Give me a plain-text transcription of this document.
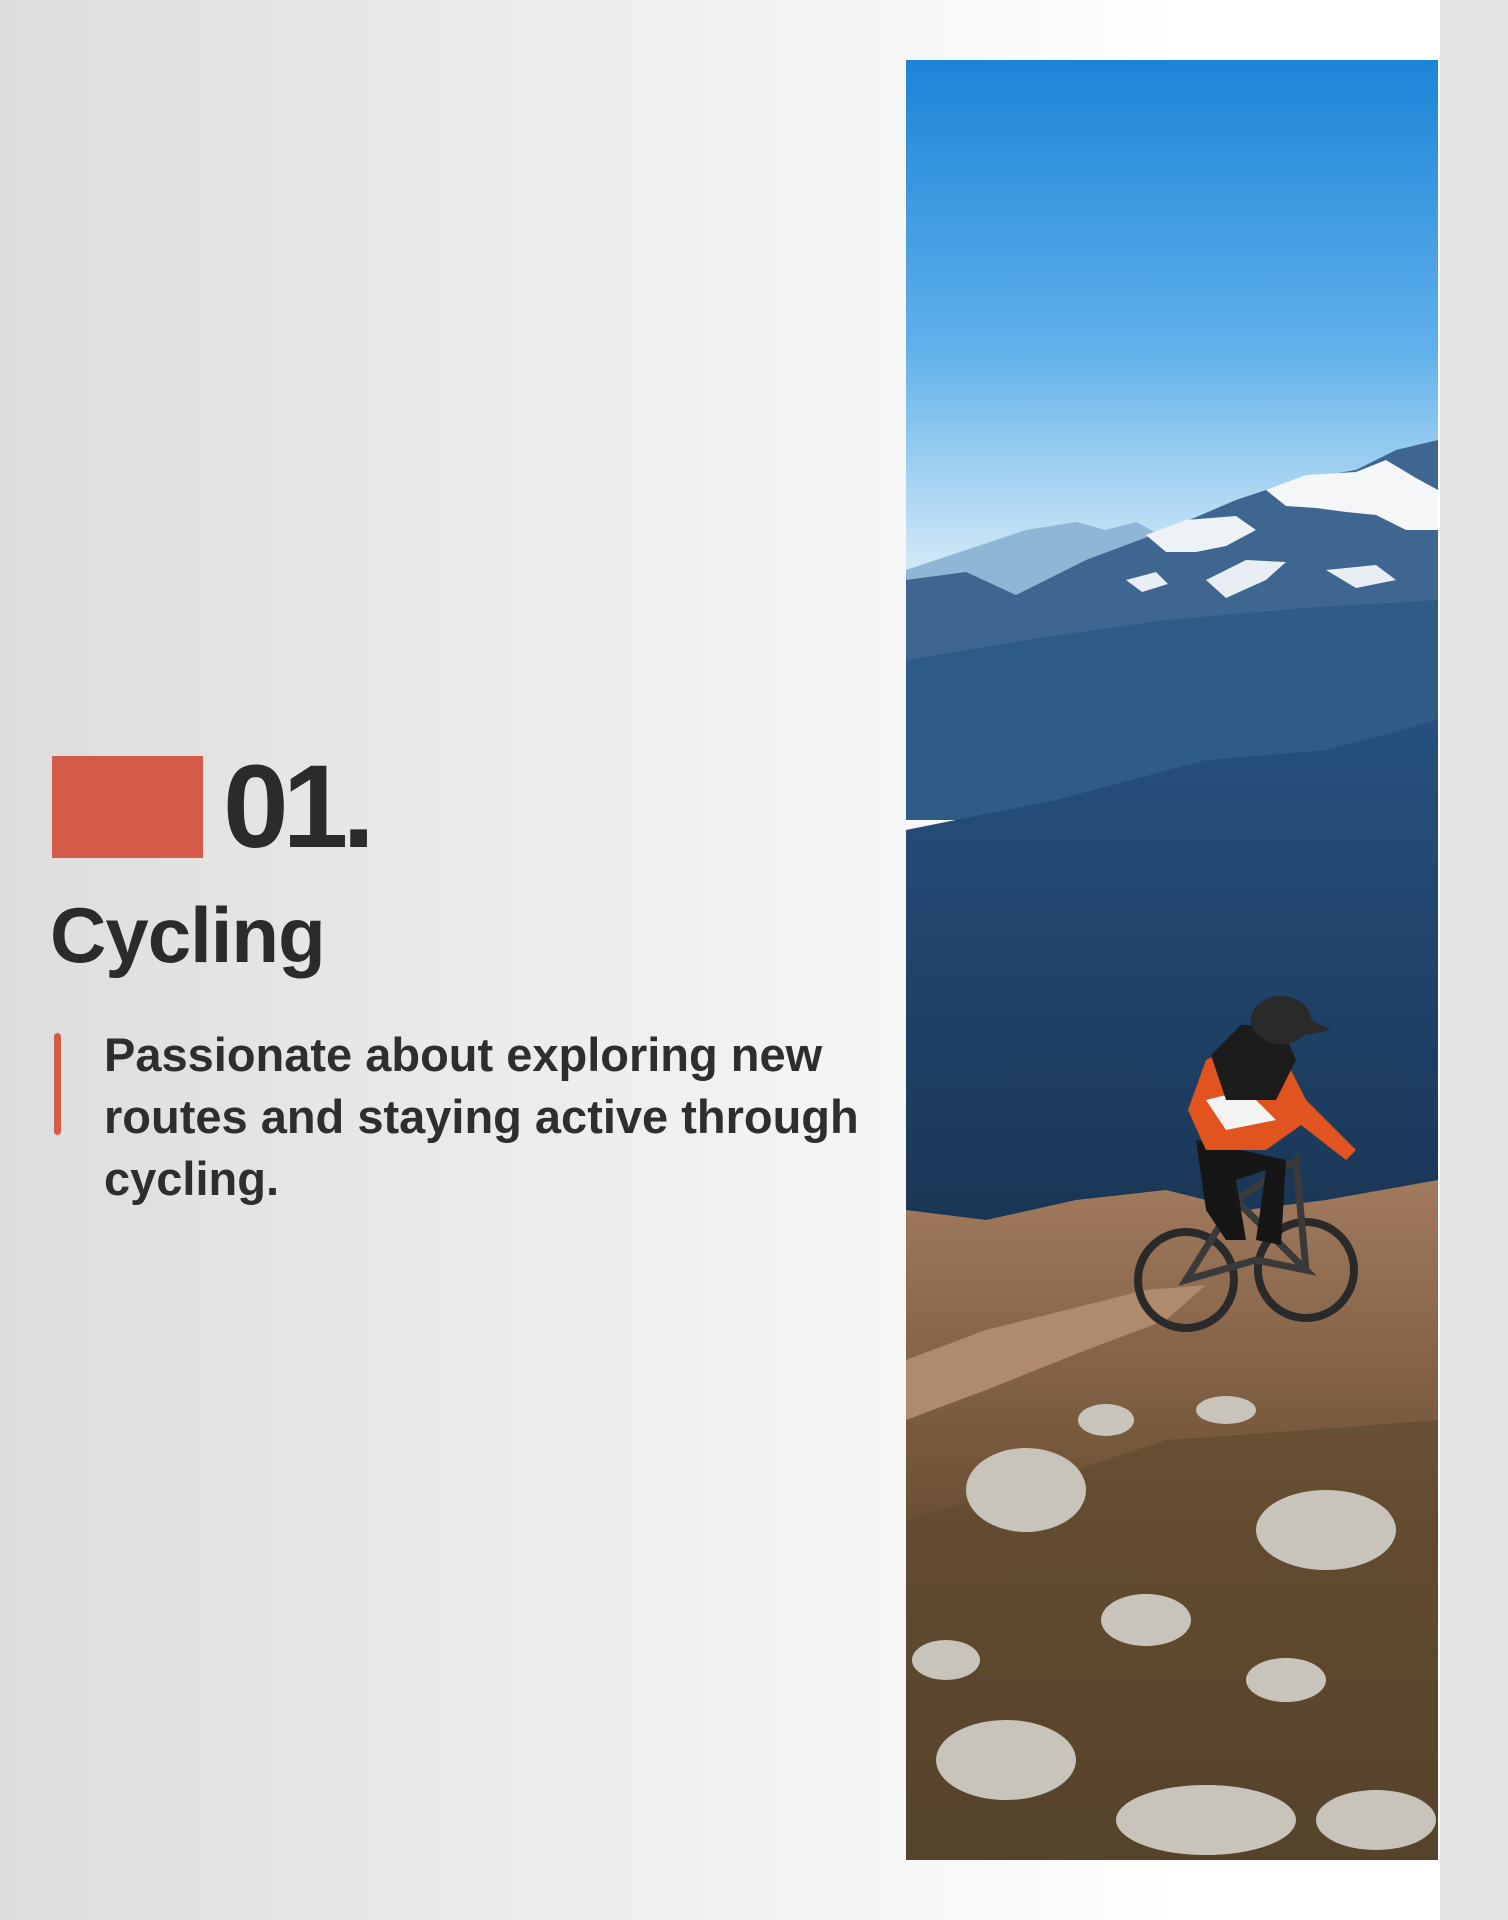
01.
Cycling
Passionate about exploring new routes and staying active through cycling.
